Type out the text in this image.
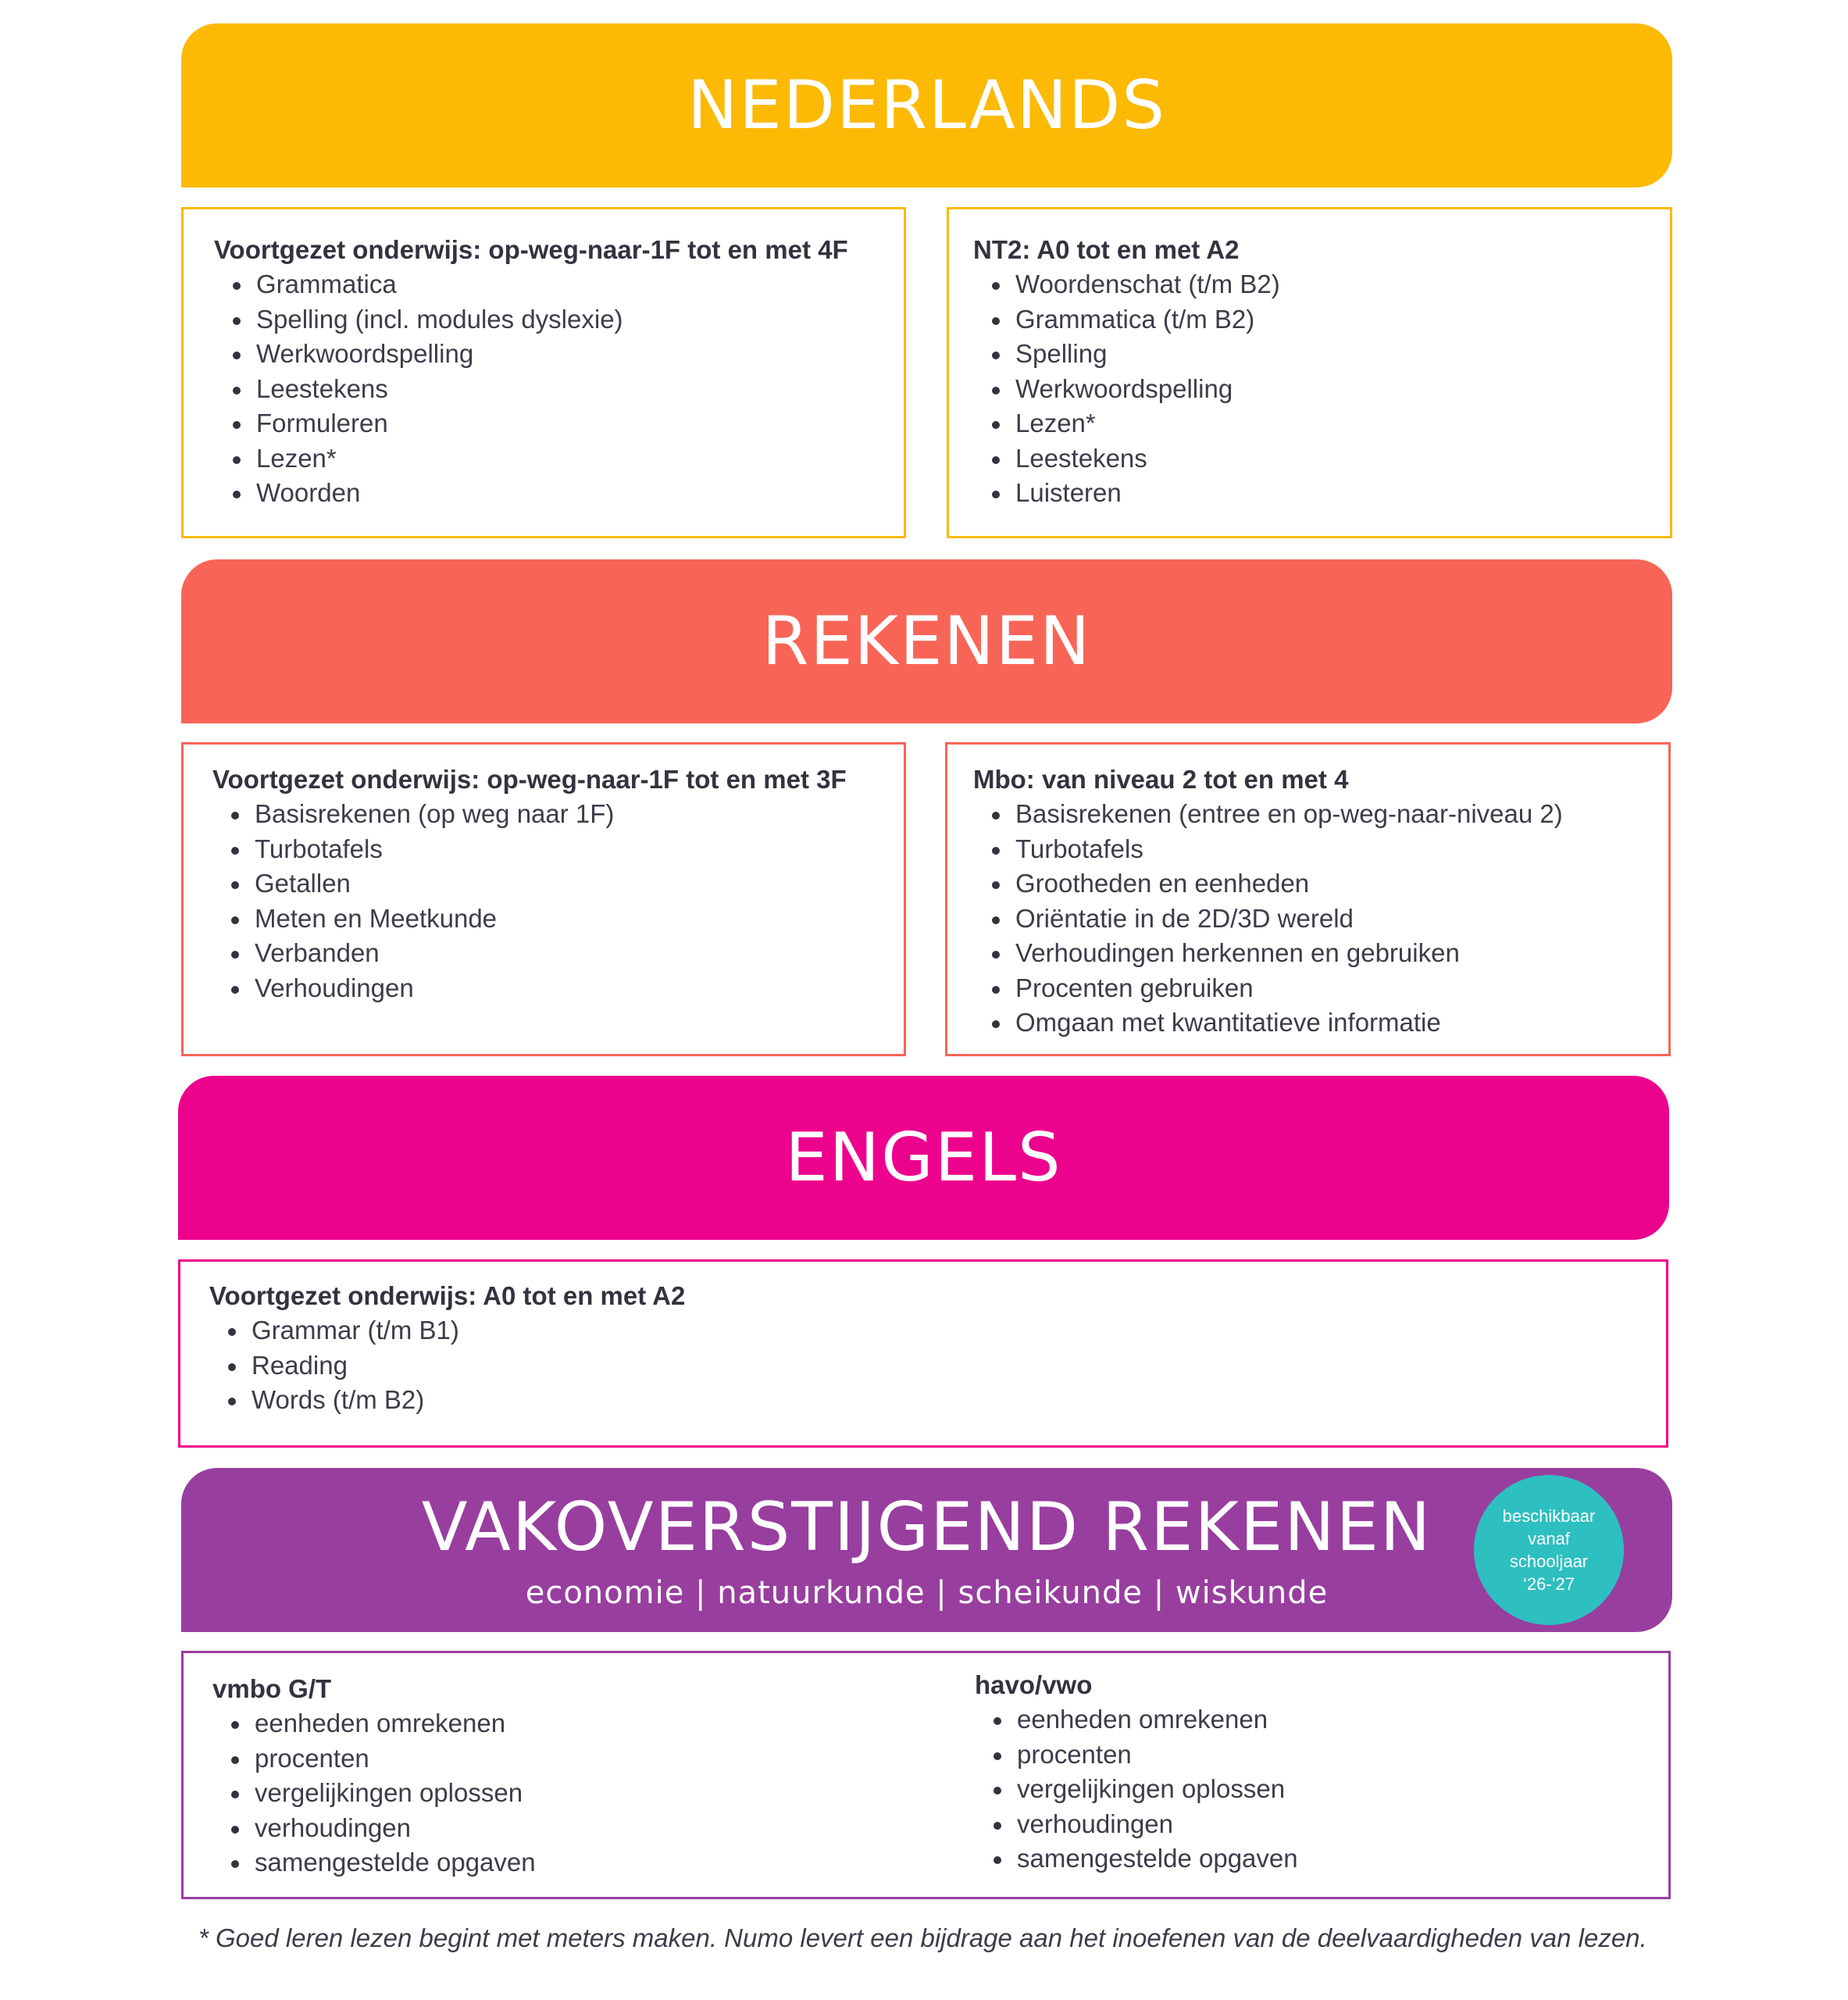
NEDERLANDS
Voortgezet onderwijs: op-weg-naar-1F tot en met 4F
Grammatica
Spelling (incl. modules dyslexie)
Werkwoordspelling
Leestekens
Formuleren
Lezen*
Woorden
NT2: A0 tot en met A2
Woordenschat (t/m B2)
Grammatica (t/m B2)
Spelling
Werkwoordspelling
Lezen*
Leestekens
Luisteren
REKENEN
Voortgezet onderwijs: op-weg-naar-1F tot en met 3F
Basisrekenen (op weg naar 1F)
Turbotafels
Getallen
Meten en Meetkunde
Verbanden
Verhoudingen
Mbo: van niveau 2 tot en met 4
Basisrekenen (entree en op-weg-naar-niveau 2)
Turbotafels
Grootheden en eenheden
Oriëntatie in de 2D/3D wereld
Verhoudingen herkennen en gebruiken
Procenten gebruiken
Omgaan met kwantitatieve informatie
ENGELS
Voortgezet onderwijs: A0 tot en met A2
Grammar (t/m B1)
Reading
Words (t/m B2)
VAKOVERSTIJGEND REKENEN
economie | natuurkunde | scheikunde | wiskunde
beschikbaar
vanaf
schooljaar
‘26-’27
vmbo G/T
eenheden omrekenen
procenten
vergelijkingen oplossen
verhoudingen
samengestelde opgaven
havo/vwo
eenheden omrekenen
procenten
vergelijkingen oplossen
verhoudingen
samengestelde opgaven
* Goed leren lezen begint met meters maken. Numo levert een bijdrage aan het inoefenen van de deelvaardigheden van lezen.
